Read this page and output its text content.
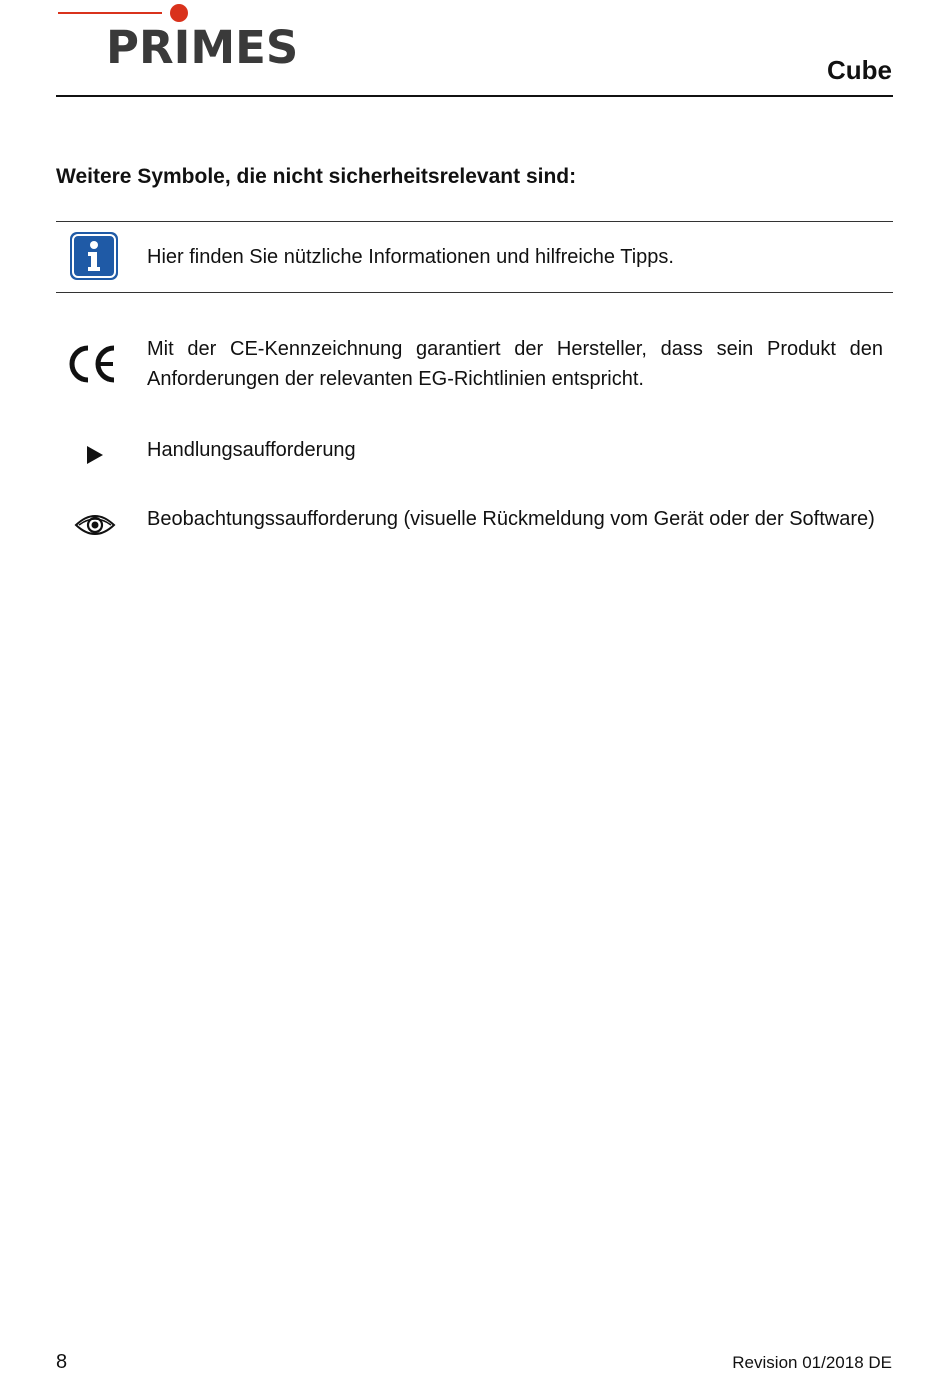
PRIMES	Cube
Weitere Symbole, die nicht sicherheitsrelevant sind:
Hier finden Sie nützliche Informationen und hilfreiche Tipps.
Mit der CE-Kennzeichnung garantiert der Hersteller, dass sein Produkt den Anforderungen der relevanten EG-Richtlinien entspricht.
Handlungsaufforderung
Beobachtungssaufforderung (visuelle Rückmeldung vom Gerät oder der Software)
8	Revision 01/2018 DE
